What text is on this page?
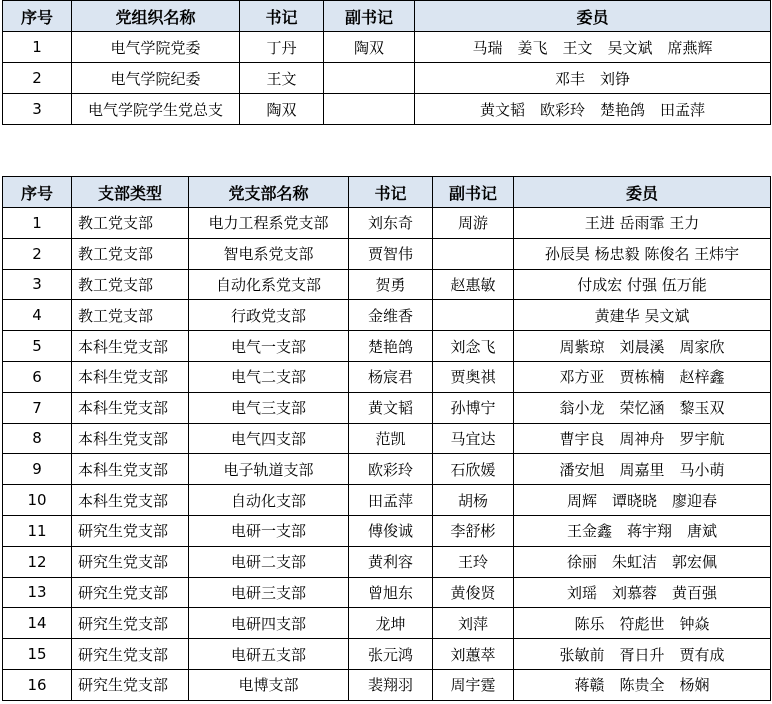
序号	党组织名称	书记	副书记	委员
1	电气学院党委	丁丹	陶双	马瑞　姜飞　王文　吴文斌　席燕辉
2	电气学院纪委	王文		邓丰　刘铮
3	电气学院学生党总支	陶双		黄文韬　欧彩玲　楚艳鸽　田孟萍
序号	支部类型	党支部名称	书记	副书记	委员
1	教工党支部	电力工程系党支部	刘东奇	周游	王进 岳雨霏 王力
2	教工党支部	智电系党支部	贾智伟		孙辰昊 杨忠毅 陈俊名 王炜宇
3	教工党支部	自动化系党支部	贺勇	赵惠敏	付成宏 付强 伍万能
4	教工党支部	行政党支部	金维香		黄建华 吴文斌
5	本科生党支部	电气一支部	楚艳鸽	刘念飞	周紫琼　刘晨溪　周家欣
6	本科生党支部	电气二支部	杨宸君	贾奥祺	邓方亚　贾栋楠　赵梓鑫
7	本科生党支部	电气三支部	黄文韬	孙博宁	翁小龙　荣忆涵　黎玉双
8	本科生党支部	电气四支部	范凯	马宜达	曹宇良　周神舟　罗宇航
9	本科生党支部	电子轨道支部	欧彩玲	石欣媛	潘安旭　周嘉里　马小萌
10	本科生党支部	自动化支部	田孟萍	胡杨	周辉　谭晓晓　廖迎春
11	研究生党支部	电研一支部	傅俊诚	李舒彬	王金鑫　蒋宇翔　唐斌
12	研究生党支部	电研二支部	黄利容	王玲	徐丽　朱虹洁　郭宏佩
13	研究生党支部	电研三支部	曾旭东	黄俊贤	刘瑶　刘慕蓉　黄百强
14	研究生党支部	电研四支部	龙坤	刘萍	陈乐　符彪世　钟焱
15	研究生党支部	电研五支部	张元鸿	刘蕙萃	张敏前　胥日升　贾有成
16	研究生党支部	电博支部	裴翔羽	周宇霆	蒋赣　陈贵全　杨娴
